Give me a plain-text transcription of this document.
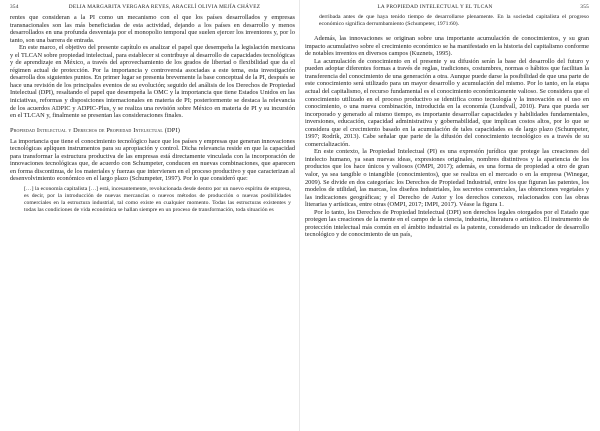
354	DELIA MARGARITA VERGARA REYES, ARACELÍ OLIVIA MEJÍA CHÁVEZ

rentes que consideran a la PI como un mecanismo con el que los países desarrollados y empresas transnacionales son las más beneficiadas de esta actividad, dejando a los países en desarrollo y menos desarrollados en una profunda desventaja por el monopolio temporal que suelen ejercer los inventores y, por lo tanto, son una barrera de entrada.

En este marco, el objetivo del presente capítulo es analizar el papel que desempeña la legislación mexicana y el TLCAN sobre propiedad intelectual, para establecer si contribuye al desarrollo de capacidades tecnológicas y de aprendizaje en México, a través del aprovechamiento de los grados de libertad o flexibilidad que da el régimen actual de protección. Por la importancia y controversia asociadas a este tema, esta investigación desarrolla dos siguientes puntos. En primer lugar se presenta brevemente la base conceptual de la PI, después se hace una revisión de los principales eventos de su evolución; seguido del análisis de los Derechos de Propiedad Intelectual (DPI), resaltando el papel que desempeña la OMC y la importancia que tiene Estados Unidos en las iniciativas, reformas y disposiciones internacionales en materia de PI; posteriormente se destaca la relevancia de los acuerdos ADPIC y ADPIC-Plus, y se realiza una revisión sobre México en materia de PI y su incursión en el TLCAN y, finalmente se presentan las consideraciones finales.

Propiedad Intelectual y Derechos de Propiedad Intelectual (DPI)

La importancia que tiene el conocimiento tecnológico hace que los países y empresas que generan innovaciones tecnológicas apliquen instrumentos para su apropiación y control. Dicha relevancia reside en que la capacidad para transformar la estructura productiva de las empresas está directamente vinculada con la incorporación de innovaciones tecnológicas que, de acuerdo con Schumpeter, conducen en nuevas combinaciones, que aparecen en forma discontinua, de los materiales y fuerzas que intervienen en el proceso productivo y que caracterizan al desenvolvimiento económico en el largo plazo (Schumpeter, 1997). Por lo que consideró que:

[…] la economía capitalista […] está, incesantemente, revolucionada desde dentro por un nuevo espíritu de empresa, es decir, por la introducción de nuevas mercancías o nuevos métodos de producción o nuevas posibilidades comerciales en la estructura industrial, tal como existe en cualquier momento. Todas las estructuras existentes y todas las condiciones de vida económica se hallan siempre en un proceso de transformación, toda situación es
LA PROPIEDAD INTELECTUAL Y EL TLCAN	355
derribada antes de que haya tenido tiempo de desarrollarse plenamente. En la sociedad capitalista el progreso económico significa derrumbamiento (Schumpeter, 1971:60).

Además, las innovaciones se originan sobre una importante acumulación de conocimientos, y su gran impacto acumulativo sobre el crecimiento económico se ha manifestado en la historia del capitalismo conforme de notables inventos en diversos campos (Kuznets, 1995).

La acumulación de conocimiento en el presente y su difusión serán la base del desarrollo del futuro y pueden adoptar diferentes formas a través de reglas, tradiciones, costumbres, normas o hábitos que facilitan la transferencia del conocimiento de una generación a otra. Aunque puede darse la posibilidad de que una parte de este conocimiento será utilizado para un mayor desarrollo y acumulación del mismo. Por lo tanto, en la etapa actual del capitalismo, el recurso fundamental es el conocimiento económicamente valioso. Se considera que el conocimiento utilizado en el proceso productivo se identifica como tecnología y la innovación es el uso en conocimiento, o una nueva combinación, introducida en la economía (Lundvall, 2010). Para que pueda ser incorporado y generado al mismo tiempo, es importante desarrollar capacidades y habilidades fundamentales, inversiones, educación, capacidad administrativa y gobernabilidad, que implican costos altos, por lo que se considera que el crecimiento basado en la acumulación de tales capacidades es de largo plazo (Schumpeter, 1997; Rodrik, 2013). Cabe señalar que parte de la difusión del conocimiento tecnológico es a través de su comercialización.

En este contexto, la Propiedad Intelectual (PI) es una expresión jurídica que protege las creaciones del intelecto humano, ya sean nuevas ideas, expresiones originales, nombres distintivos y la apariencia de los productos que los hace únicos y valiosos (OMPI, 2017); además, es una forma de propiedad a otro de gran valor, ya sea tangible o intangible (conocimientos), que se realiza en el mercado o en la empresa (Winegar, 2009). Se divide en dos categorías: los Derechos de Propiedad Industrial, entre los que figuran las patentes, los modelos de utilidad, las marcas, los diseños industriales, los secretos comerciales, las obtenciones vegetales y las indicaciones geográficas; y el Derecho de Autor y los derechos conexos, relacionados con las obras literarias y artísticas, entre otras (OMPI, 2017; IMPI, 2017). Véase la figura 1.

Por lo tanto, los Derechos de Propiedad Intelectual (DPI) son derechos legales otorgados por el Estado que protegen las creaciones de la mente en el campo de la ciencia, industria, literatura o artístico. El instrumento de protección intelectual más común en el ámbito industrial es la patente, considerado un indicador de desarrollo tecnológico y de conocimiento de un país,
